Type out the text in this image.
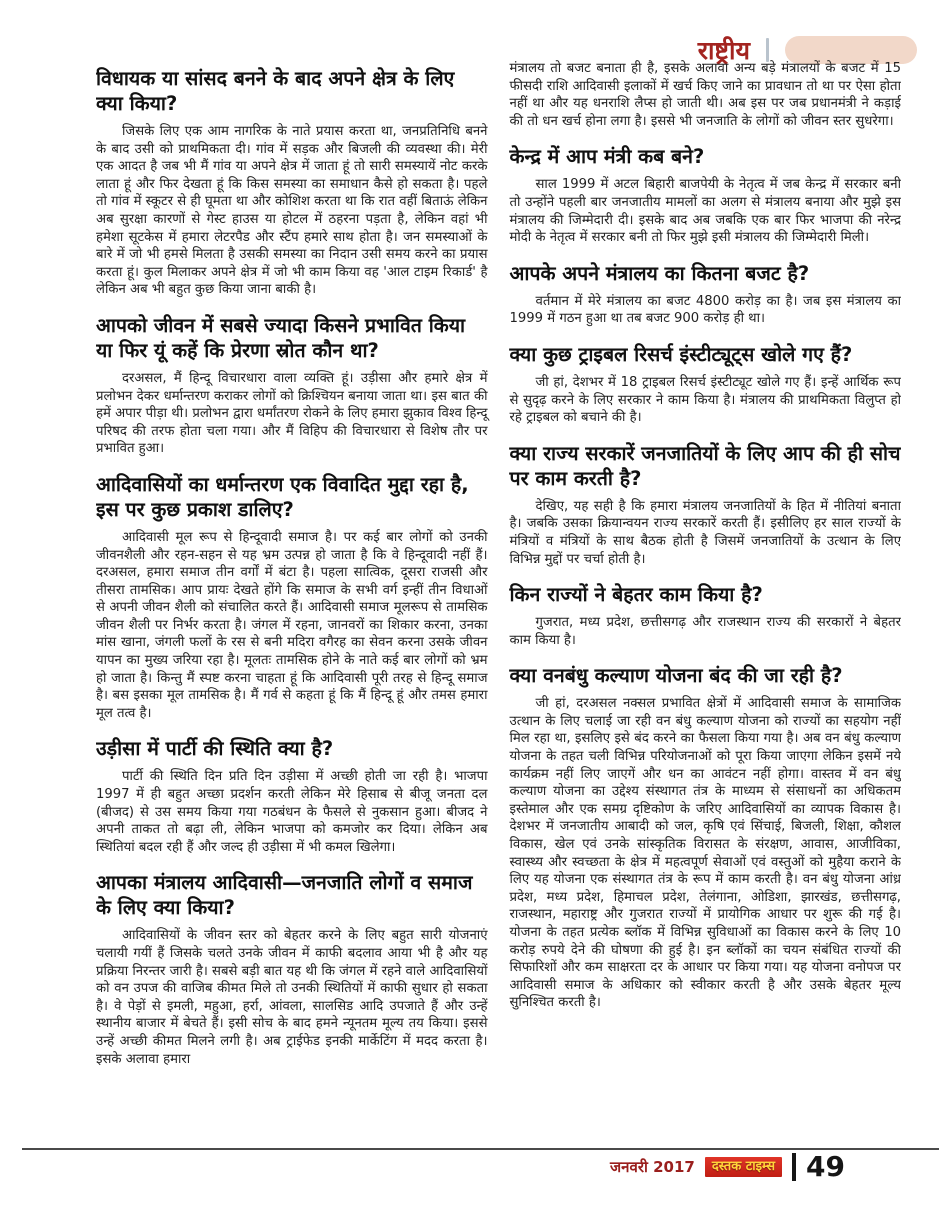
राष्ट्रीय
विधायक या सांसद बनने के बाद अपने क्षेत्र के लिए क्या किया?

जिसके लिए एक आम नागरिक के नाते प्रयास करता था, जनप्रतिनिधि बनने के बाद उसी को प्राथमिकता दी। गांव में सड़क और बिजली की व्यवस्था की। मेरी एक आदत है जब भी मैं गांव या अपने क्षेत्र में जाता हूं तो सारी समस्यायें नोट करके लाता हूं और फिर देखता हूं कि किस समस्या का समाधान कैसे हो सकता है। पहले तो गांव में स्कूटर से ही घूमता था और कोशिश करता था कि रात वहीं बिताऊं लेकिन अब सुरक्षा कारणों से गेस्ट हाउस या होटल में ठहरना पड़ता है, लेकिन वहां भी हमेशा सूटकेस में हमारा लेटरपैड और स्टैंप हमारे साथ होता है। जन समस्याओं के बारे में जो भी हमसे मिलता है उसकी समस्या का निदान उसी समय करने का प्रयास करता हूं। कुल मिलाकर अपने क्षेत्र में जो भी काम किया वह 'आल टाइम रिकार्ड' है लेकिन अब भी बहुत कुछ किया जाना बाकी है।

आपको जीवन में सबसे ज्यादा किसने प्रभावित किया या फिर यूं कहें कि प्रेरणा स्रोत कौन था?

दरअसल, मैं हिन्दू विचारधारा वाला व्यक्ति हूं। उड़ीसा और हमारे क्षेत्र में प्रलोभन देकर धर्मान्तरण कराकर लोगों को क्रिश्चियन बनाया जाता था। इस बात की हमें अपार पीड़ा थी। प्रलोभन द्वारा धर्मांतरण रोकने के लिए हमारा झुकाव विश्व हिन्दू परिषद की तरफ होता चला गया। और मैं विहिप की विचारधारा से विशेष तौर पर प्रभावित हुआ।

आदिवासियों का धर्मान्तरण एक विवादित मुद्दा रहा है, इस पर कुछ प्रकाश डालिए?

आदिवासी मूल रूप से हिन्दूवादी समाज है। पर कई बार लोगों को उनकी जीवनशैली और रहन-सहन से यह भ्रम उत्पन्न हो जाता है कि वे हिन्दूवादी नहीं हैं। दरअसल, हमारा समाज तीन वर्गों में बंटा है। पहला सात्विक, दूसरा राजसी और तीसरा तामसिक। आप प्रायः देखते होंगे कि समाज के सभी वर्ग इन्हीं तीन विधाओं से अपनी जीवन शैली को संचालित करते हैं। आदिवासी समाज मूलरूप से तामसिक जीवन शैली पर निर्भर करता है। जंगल में रहना, जानवरों का शिकार करना, उनका मांस खाना, जंगली फलों के रस से बनी मदिरा वगैरह का सेवन करना उसके जीवन यापन का मुख्य जरिया रहा है। मूलतः तामसिक होने के नाते कई बार लोगों को भ्रम हो जाता है। किन्तु मैं स्पष्ट करना चाहता हूं कि आदिवासी पूरी तरह से हिन्दू समाज है। बस इसका मूल तामसिक है। मैं गर्व से कहता हूं कि मैं हिन्दू हूं और तमस हमारा मूल तत्व है।

उड़ीसा में पार्टी की स्थिति क्या है?

पार्टी की स्थिति दिन प्रति दिन उड़ीसा में अच्छी होती जा रही है। भाजपा 1997 में ही बहुत अच्छा प्रदर्शन करती लेकिन मेरे हिसाब से बीजू जनता दल (बीजद) से उस समय किया गया गठबंधन के फैसले से नुकसान हुआ। बीजद ने अपनी ताकत तो बढ़ा ली, लेकिन भाजपा को कमजोर कर दिया। लेकिन अब स्थितियां बदल रही हैं और जल्द ही उड़ीसा में भी कमल खिलेगा।

आपका मंत्रालय आदिवासी—जनजाति लोगों व समाज के लिए क्या किया?

आदिवासियों के जीवन स्तर को बेहतर करने के लिए बहुत सारी योजनाएं चलायी गयीं हैं जिसके चलते उनके जीवन में काफी बदलाव आया भी है और यह प्रक्रिया निरन्तर जारी है। सबसे बड़ी बात यह थी कि जंगल में रहने वाले आदिवासियों को वन उपज की वाजिब कीमत मिले तो उनकी स्थितियों में काफी सुधार हो सकता है। वे पेड़ों से इमली, महुआ, हर्रा, आंवला, सालसिड आदि उपजाते हैं और उन्हें स्थानीय बाजार में बेचते हैं। इसी सोच के बाद हमने न्यूनतम मूल्य तय किया। इससे उन्हें अच्छी कीमत मिलने लगी है। अब ट्राईफेड इनकी मार्केटिंग में मदद करता है। इसके अलावा हमारा

मंत्रालय तो बजट बनाता ही है, इसके अलावा अन्य बड़े मंत्रालयों के बजट में 15 फीसदी राशि आदिवासी इलाकों में खर्च किए जाने का प्रावधान तो था पर ऐसा होता नहीं था और यह धनराशि लैप्स हो जाती थी। अब इस पर जब प्रधानमंत्री ने कड़ाई की तो धन खर्च होना लगा है। इससे भी जनजाति के लोगों को जीवन स्तर सुधरेगा।

केन्द्र में आप मंत्री कब बने?

साल 1999 में अटल बिहारी बाजपेयी के नेतृत्व में जब केन्द्र में सरकार बनी तो उन्होंने पहली बार जनजातीय मामलों का अलग से मंत्रालय बनाया और मुझे इस मंत्रालय की जिम्मेदारी दी। इसके बाद अब जबकि एक बार फिर भाजपा की नरेन्द्र मोदी के नेतृत्व में सरकार बनी तो फिर मुझे इसी मंत्रालय की जिम्मेदारी मिली।

आपके अपने मंत्रालय का कितना बजट है?

वर्तमान में मेरे मंत्रालय का बजट 4800 करोड़ का है। जब इस मंत्रालय का 1999 में गठन हुआ था तब बजट 900 करोड़ ही था।

क्या कुछ ट्राइबल रिसर्च इंस्टीट्यूट्स खोले गए हैं?

जी हां, देशभर में 18 ट्राइबल रिसर्च इंस्टीट्यूट खोले गए हैं। इन्हें आर्थिक रूप से सुदृढ़ करने के लिए सरकार ने काम किया है। मंत्रालय की प्राथमिकता विलुप्त हो रहे ट्राइबल को बचाने की है।

क्या राज्य सरकारें जनजातियों के लिए आप की ही सोच पर काम करती है?

देखिए, यह सही है कि हमारा मंत्रालय जनजातियों के हित में नीतियां बनाता है। जबकि उसका क्रियान्वयन राज्य सरकारें करती हैं। इसीलिए हर साल राज्यों के मंत्रियों व मंत्रियों के साथ बैठक होती है जिसमें जनजातियों के उत्थान के लिए विभिन्न मुद्दों पर चर्चा होती है।

किन राज्यों ने बेहतर काम किया है?

गुजरात, मध्य प्रदेश, छत्तीसगढ़ और राजस्थान राज्य की सरकारों ने बेहतर काम किया है।

क्या वनबंधु कल्याण योजना बंद की जा रही है?

जी हां, दरअसल नक्सल प्रभावित क्षेत्रों में आदिवासी समाज के सामाजिक उत्थान के लिए चलाई जा रही वन बंधु कल्याण योजना को राज्यों का सहयोग नहीं मिल रहा था, इसलिए इसे बंद करने का फैसला किया गया है। अब वन बंधु कल्याण योजना के तहत चली विभिन्न परियोजनाओं को पूरा किया जाएगा लेकिन इसमें नये कार्यक्रम नहीं लिए जाएगें और धन का आवंटन नहीं होगा। वास्तव में वन बंधु कल्याण योजना का उद्देश्य संस्थागत तंत्र के माध्यम से संसाधनों का अधिकतम इस्तेमाल और एक समग्र दृष्टिकोण के जरिए आदिवासियों का व्यापक विकास है। देशभर में जनजातीय आबादी को जल, कृषि एवं सिंचाई, बिजली, शिक्षा, कौशल विकास, खेल एवं उनके सांस्कृतिक विरासत के संरक्षण, आवास, आजीविका, स्वास्थ्य और स्वच्छता के क्षेत्र में महत्वपूर्ण सेवाओं एवं वस्तुओं को मुहैया कराने के लिए यह योजना एक संस्थागत तंत्र के रूप में काम करती है। वन बंधु योजना आंध्र प्रदेश, मध्य प्रदेश, हिमाचल प्रदेश, तेलंगाना, ओडिशा, झारखंड, छत्तीसगढ़, राजस्थान, महाराष्ट्र और गुजरात राज्यों में प्रायोगिक आधार पर शुरू की गई है। योजना के तहत प्रत्येक ब्लॉक में विभिन्न सुविधाओं का विकास करने के लिए 10 करोड़ रुपये देने की घोषणा की हुई है। इन ब्लॉकों का चयन संबंधित राज्यों की सिफारिशों और कम साक्षरता दर के आधार पर किया गया। यह योजना वनोपज पर आदिवासी समाज के अधिकार को स्वीकार करती है और उसके बेहतर मूल्य सुनिश्चित करती है।

जनवरी 2017	दस्तक टाइम्स 49
